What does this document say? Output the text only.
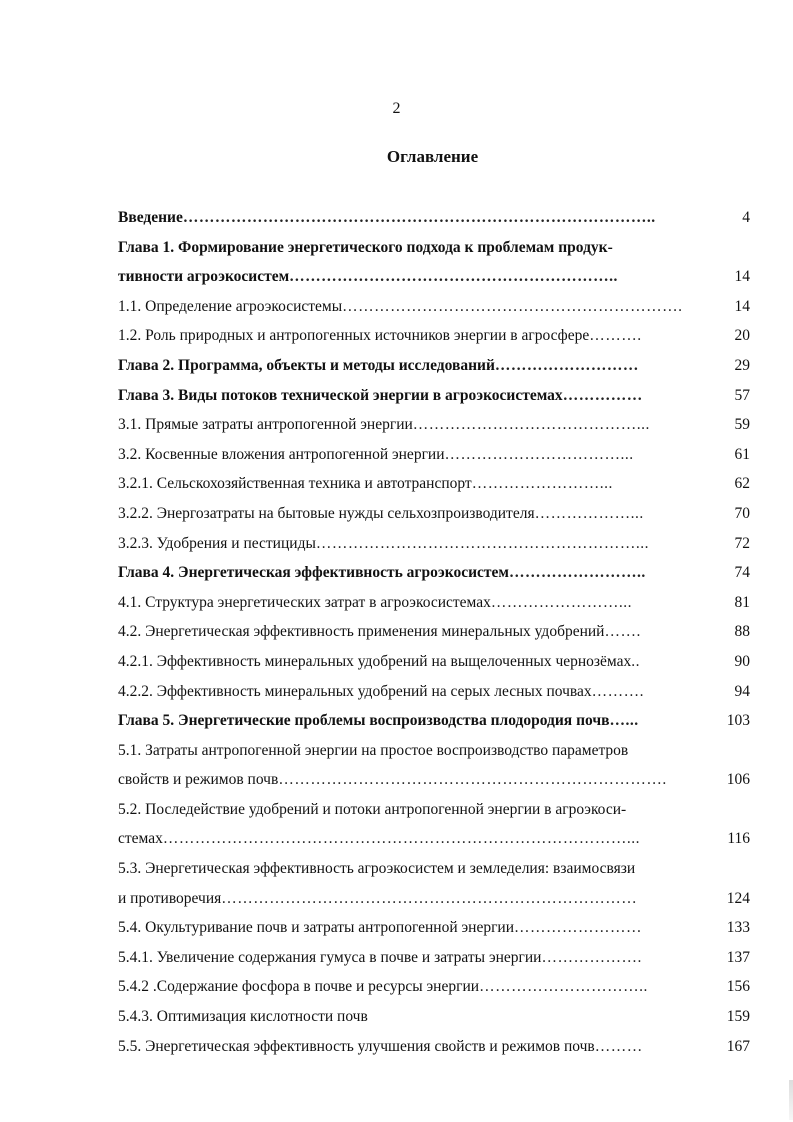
2
Оглавление
Введение……………………………………………………………………………..	4
Глава 1. Формирование энергетического подхода к проблемам продук-
тивности агроэкосистем……………………………………………………..	14
1.1. Определение агроэкосистемы……………………………………………………….	14
1.2. Роль природных и антропогенных источников энергии в агросфере……….	20
Глава 2. Программа, объекты и методы исследований………………………	29
Глава 3. Виды потоков технической энергии в агроэкосистемах……………	57
3.1. Прямые затраты антропогенной энергии……………………………………...	59
3.2. Косвенные вложения антропогенной энергии……………………………...	61
3.2.1. Сельскохозяйственная техника и автотранспорт……………………...	62
3.2.2. Энергозатраты на бытовые нужды сельхозпроизводителя………………...	70
3.2.3. Удобрения и пестициды……………………………………………………...	72
Глава 4. Энергетическая эффективность агроэкосистем……………………..	74
4.1. Структура энергетических затрат в агроэкосистемах……………………...	81
4.2. Энергетическая эффективность применения минеральных удобрений…….	88
4.2.1. Эффективность минеральных удобрений на выщелоченных чернозёмах..	90
4.2.2. Эффективность минеральных удобрений на серых лесных почвах……….	94
Глава 5. Энергетические проблемы воспроизводства плодородия почв…...	103
5.1. Затраты антропогенной энергии на простое воспроизводство параметров
свойств и режимов почв……………………………………………………………….	106
5.2. Последействие удобрений и потоки антропогенной энергии в агроэкоси-
стемах……………………………………………………………………………...	116
5.3. Энергетическая эффективность агроэкосистем и земледелия: взаимосвязи
и противоречия……………………………………………………………………	124
5.4. Окультуривание почв и затраты антропогенной энергии……………………	133
5.4.1. Увеличение содержания гумуса в почве и затраты энергии……………….	137
5.4.2 .Содержание фосфора в почве и ресурсы энергии…………………………..	156
5.4.3. Оптимизация кислотности почв	159
5.5. Энергетическая эффективность улучшения свойств и режимов почв………	167
